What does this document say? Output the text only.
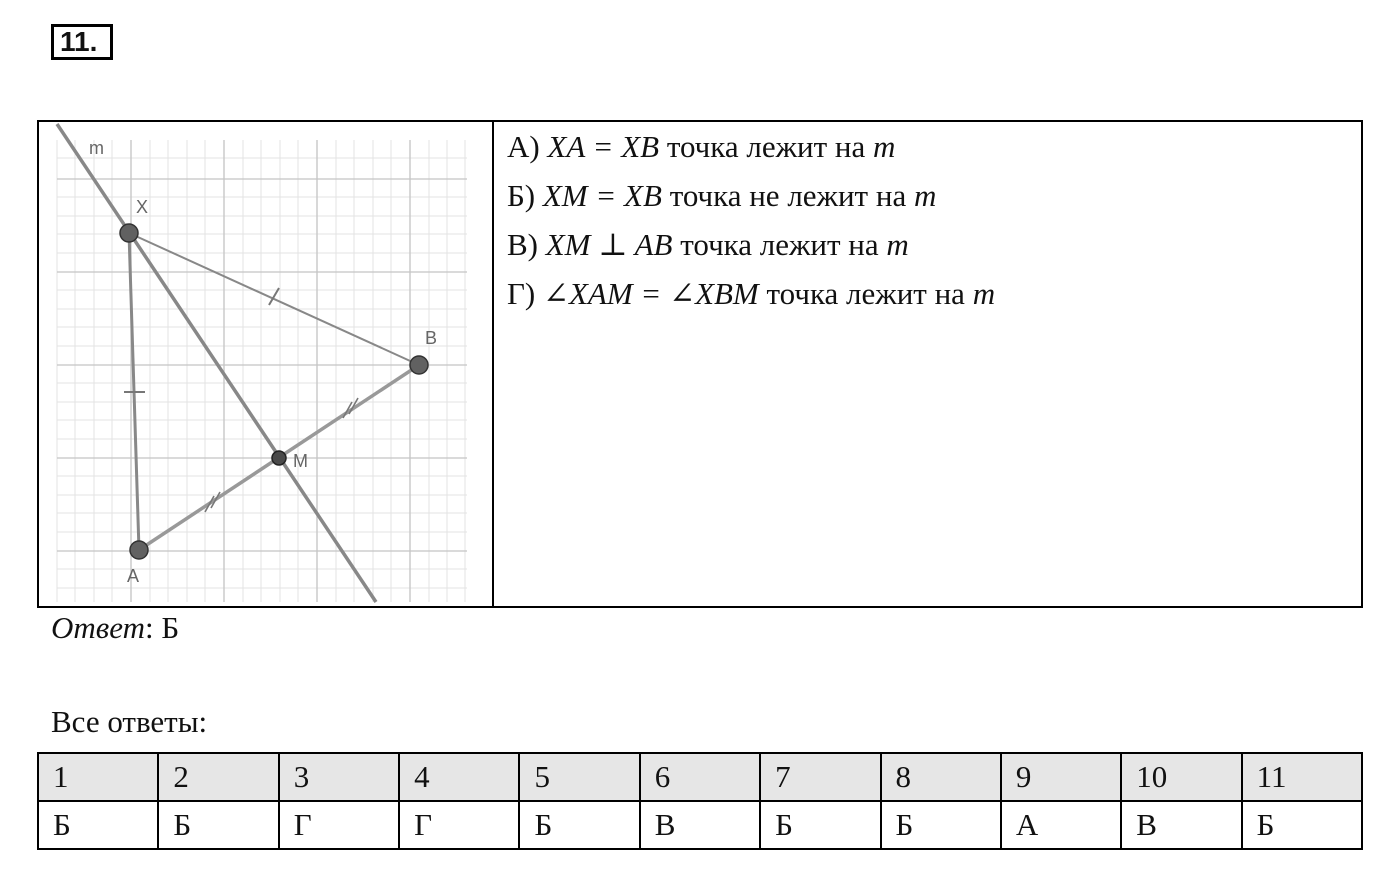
11.
m
X
B
M
A
А) XA = XB точка лежит на m
Б) XM = XB точка не лежит на m
В) XM ⊥ AB точка лежит на m
Г) ∠XAM = ∠XBM точка лежит на m
Ответ: Б
Все ответы:
1	2	3	4	5	6	7	8	9	10	11
Б	Б	Г	Г	Б	В	Б	Б	А	В	Б
